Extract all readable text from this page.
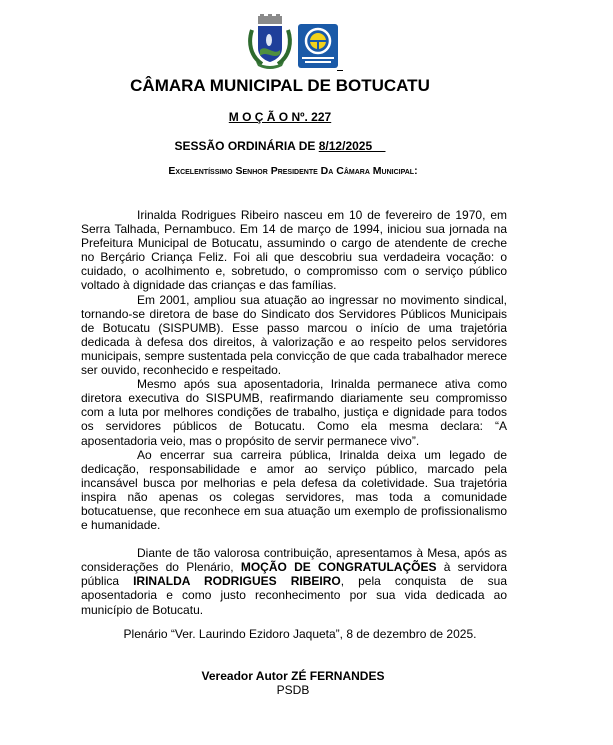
CÂMARA MUNICIPAL DE BOTUCATU
M O Ç Ã O Nº. 227
SESSÃO ORDINÁRIA DE 8/12/2025
Excelentíssimo Senhor Presidente Da Câmara Municipal:

Irinalda Rodrigues Ribeiro nasceu em 10 de fevereiro de 1970, em Serra Talhada, Pernambuco. Em 14 de março de 1994, iniciou sua jornada na Prefeitura Municipal de Botucatu, assumindo o cargo de atendente de creche no Berçário Criança Feliz. Foi ali que descobriu sua verdadeira vocação: o cuidado, o acolhimento e, sobretudo, o compromisso com o serviço público voltado à dignidade das crianças e das famílias.

Em 2001, ampliou sua atuação ao ingressar no movimento sindical, tornando-se diretora de base do Sindicato dos Servidores Públicos Municipais de Botucatu (SISPUMB). Esse passo marcou o início de uma trajetória dedicada à defesa dos direitos, à valorização e ao respeito pelos servidores municipais, sempre sustentada pela convicção de que cada trabalhador merece ser ouvido, reconhecido e respeitado.

Mesmo após sua aposentadoria, Irinalda permanece ativa como diretora executiva do SISPUMB, reafirmando diariamente seu compromisso com a luta por melhores condições de trabalho, justiça e dignidade para todos os servidores públicos de Botucatu. Como ela mesma declara: “A aposentadoria veio, mas o propósito de servir permanece vivo”.

Ao encerrar sua carreira pública, Irinalda deixa um legado de dedicação, responsabilidade e amor ao serviço público, marcado pela incansável busca por melhorias e pela defesa da coletividade. Sua trajetória inspira não apenas os colegas servidores, mas toda a comunidade botucatuense, que reconhece em sua atuação um exemplo de profissionalismo e humanidade.

Diante de tão valorosa contribuição, apresentamos à Mesa, após as considerações do Plenário, MOÇÃO DE CONGRATULAÇÕES à servidora pública IRINALDA RODRIGUES RIBEIRO, pela conquista de sua aposentadoria e como justo reconhecimento por sua vida dedicada ao município de Botucatu.

Plenário “Ver. Laurindo Ezidoro Jaqueta”, 8 de dezembro de 2025.
Vereador Autor ZÉ FERNANDES
PSDB
